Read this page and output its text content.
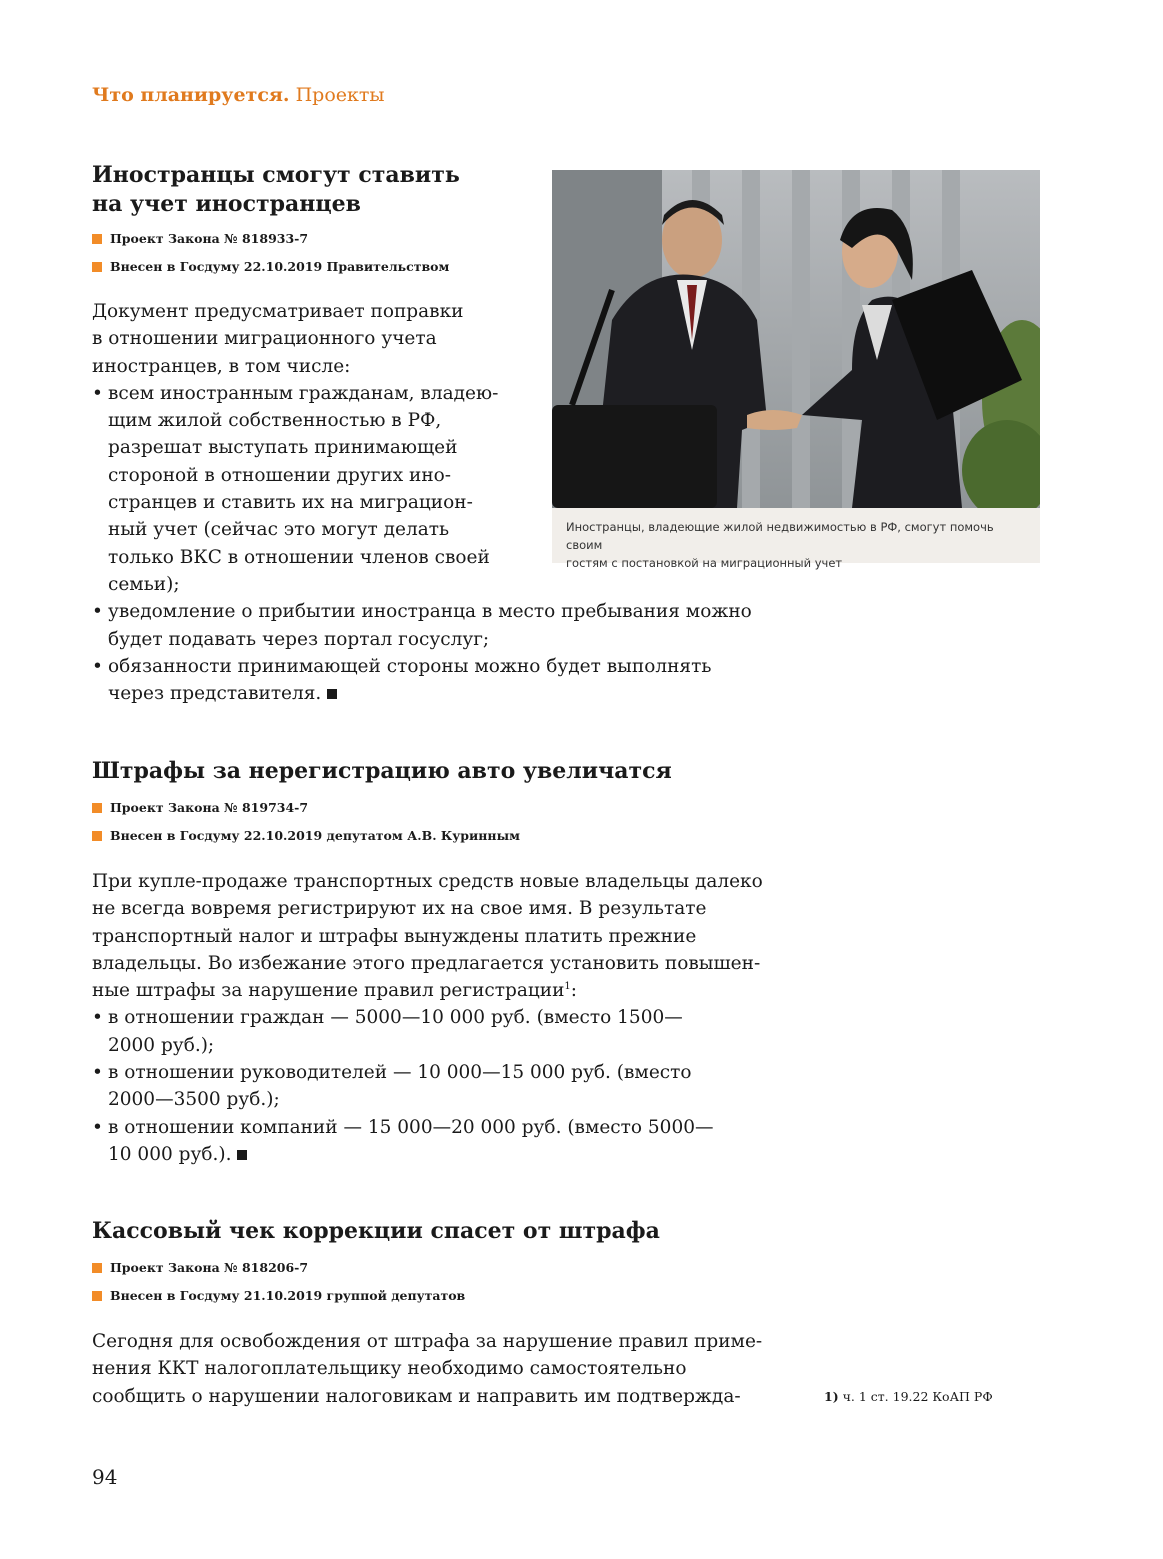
Что планируется. Проекты
Иностранцы смогут ставить
на учет иностранцев
Проект Закона № 818933-7
Внесен в Госдуму 22.10.2019 Правительством

Документ предусматривает поправки
в отношении миграционного учета
иностранцев, в том числе:

• всем иностранным гражданам, владею-
щим жилой собственностью в РФ,
разрешат выступать принимающей
стороной в отношении других ино-
странцев и ставить их на миграцион-
ный учет (сейчас это могут делать
только ВКС в отношении членов своей
семьи);
• уведомление о прибытии иностранца в место пребывания можно
будет подавать через портал госуслуг;
• обязанности принимающей стороны можно будет выполнять
через представителя.
Иностранцы, владеющие жилой недвижимостью в РФ, смогут помочь своим
гостям с постановкой на миграционный учет
Штрафы за нерегистрацию авто увеличатся
Проект Закона № 819734-7
Внесен в Госдуму 22.10.2019 депутатом А.В. Куринным

При купле-продаже транспортных средств новые владельцы далеко
не всегда вовремя регистрируют их на свое имя. В результате
транспортный налог и штрафы вынуждены платить прежние
владельцы. Во избежание этого предлагается установить повышен-
ные штрафы за нарушение правил регистрации$^1$:

• в отношении граждан — 5000—10 000 руб. (вместо 1500—
2000 руб.);
• в отношении руководителей — 10 000—15 000 руб. (вместо
2000—3500 руб.);
• в отношении компаний — 15 000—20 000 руб. (вместо 5000—
10 000 руб.).
Кассовый чек коррекции спасет от штрафа
Проект Закона № 818206-7
Внесен в Госдуму 21.10.2019 группой депутатов

Сегодня для освобождения от штрафа за нарушение правил приме-
нения ККТ налогоплательщику необходимо самостоятельно
сообщить о нарушении налоговикам и направить им подтвержда-	1) ч. 1 ст. 19.22 КоАП РФ
94
